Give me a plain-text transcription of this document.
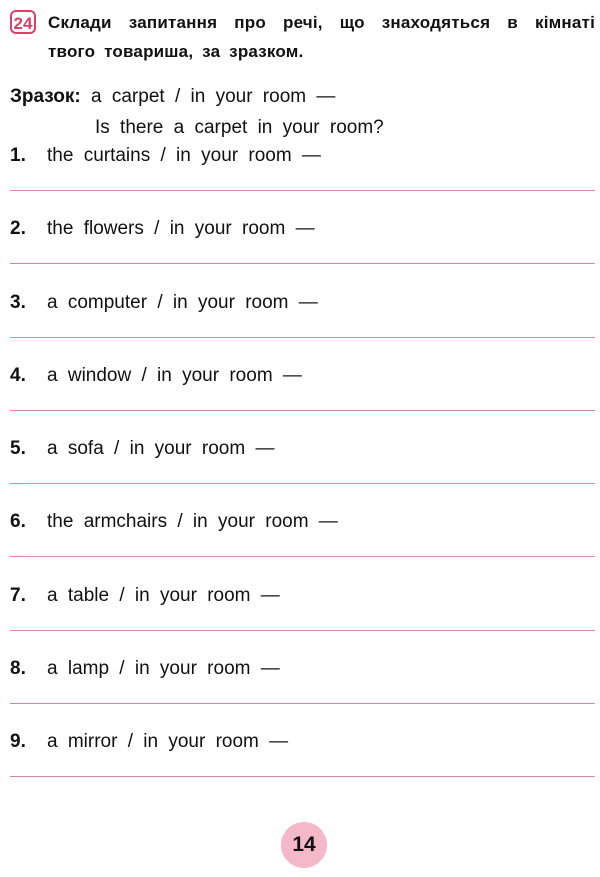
24 Склади запитання про речі, що знаходяться в кімнаті
твого товариша, за зразком.
Зразок: a carpet / in your room —
Is there a carpet in your room?
1. the curtains / in your room —
2. the flowers / in your room —
3. a computer / in your room —
4. a window / in your room —
5. a sofa / in your room —
6. the armchairs / in your room —
7. a table / in your room —
8. a lamp / in your room —
9. a mirror / in your room —
14
